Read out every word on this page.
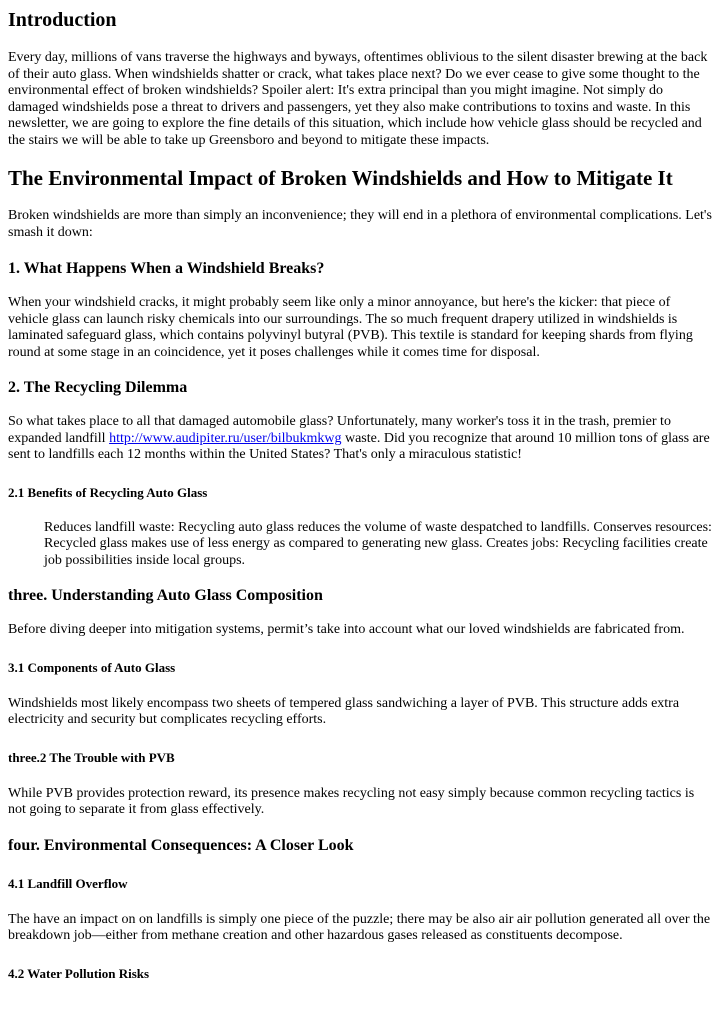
Introduction

Every day, millions of vans traverse the highways and byways, oftentimes oblivious to the silent disaster brewing at the back of their auto glass. When windshields shatter or crack, what takes place next? Do we ever cease to give some thought to the environmental effect of broken windshields? Spoiler alert: It's extra principal than you might imagine. Not simply do damaged windshields pose a threat to drivers and passengers, yet they also make contributions to toxins and waste. In this newsletter, we are going to explore the fine details of this situation, which include how vehicle glass should be recycled and the stairs we will be able to take up Greensboro and beyond to mitigate these impacts.

The Environmental Impact of Broken Windshields and How to Mitigate It

Broken windshields are more than simply an inconvenience; they will end in a plethora of environmental complications. Let's smash it down:

1. What Happens When a Windshield Breaks?

When your windshield cracks, it might probably seem like only a minor annoyance, but here's the kicker: that piece of vehicle glass can launch risky chemicals into our surroundings. The so much frequent drapery utilized in windshields is laminated safeguard glass, which contains polyvinyl butyral (PVB). This textile is standard for keeping shards from flying round at some stage in an coincidence, yet it poses challenges while it comes time for disposal.

2. The Recycling Dilemma

So what takes place to all that damaged automobile glass? Unfortunately, many worker's toss it in the trash, premier to expanded landfill http://www.audipiter.ru/user/bilbukmkwg waste. Did you recognize that around 10 million tons of glass are sent to landfills each 12 months within the United States? That's only a miraculous statistic!

2.1 Benefits of Recycling Auto Glass
Reduces landfill waste: Recycling auto glass reduces the volume of waste despatched to landfills. Conserves resources: Recycled glass makes use of less energy as compared to generating new glass. Creates jobs: Recycling facilities create job possibilities inside local groups.
three. Understanding Auto Glass Composition

Before diving deeper into mitigation systems, permit’s take into account what our loved windshields are fabricated from.

3.1 Components of Auto Glass

Windshields most likely encompass two sheets of tempered glass sandwiching a layer of PVB. This structure adds extra electricity and security but complicates recycling efforts.

three.2 The Trouble with PVB

While PVB provides protection reward, its presence makes recycling not easy simply because common recycling tactics is not going to separate it from glass effectively.

four. Environmental Consequences: A Closer Look
4.1 Landfill Overflow

The have an impact on on landfills is simply one piece of the puzzle; there may be also air air pollution generated all over the breakdown job—either from methane creation and other hazardous gases released as constituents decompose.

4.2 Water Pollution Risks
